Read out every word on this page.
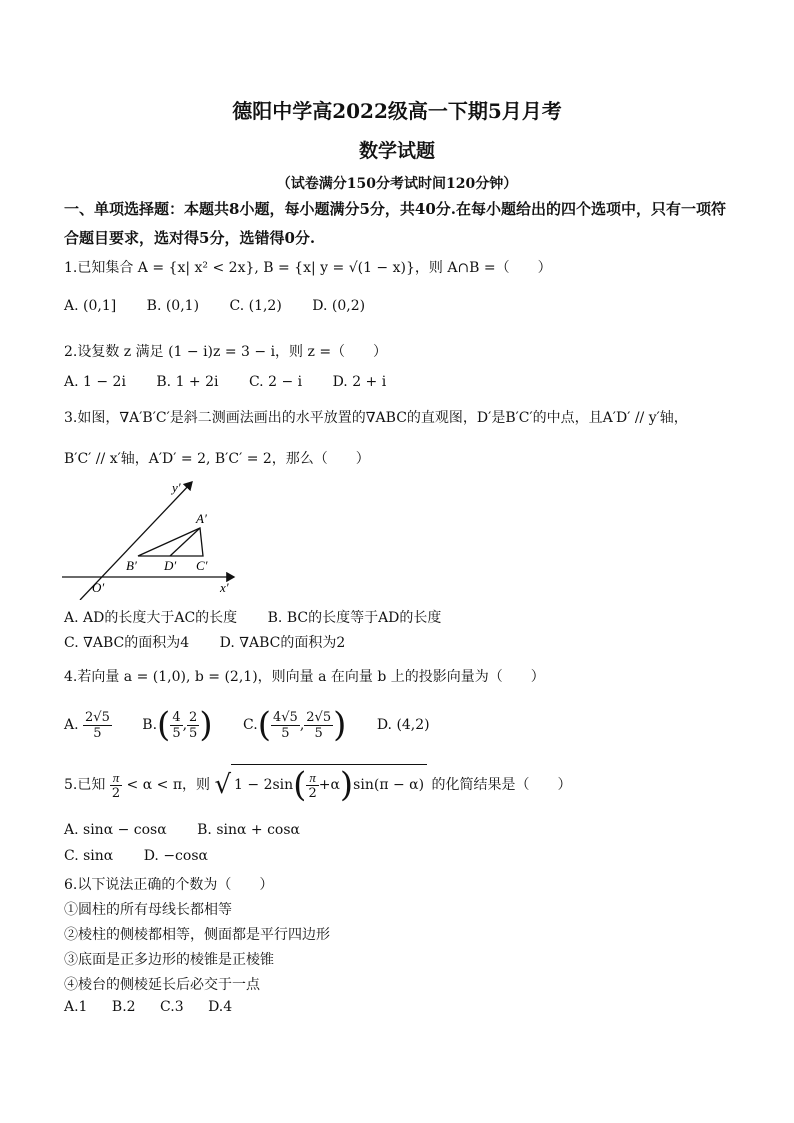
德阳中学高2022级高一下期5月月考
数学试题
（试卷满分150分考试时间120分钟）
一、单项选择题：本题共8小题，每小题满分5分，共40分.在每小题给出的四个选项中，只有一项符合题目要求，选对得5分，选错得0分.
1.已知集合 A = {x| x² < 2x}, B = {x| y = √(1 − x)}，则 A∩B =（　　）
A. (0,1] B. (0,1) C. (1,2) D. (0,2)
2.设复数 z 满足 (1 − i)z = 3 − i，则 z =（　　）
A. 1 − 2i B. 1 + 2i C. 2 − i D. 2 + i
3.如图，∇A′B′C′是斜二测画法画出的水平放置的∇ABC的直观图，D′是B′C′的中点，且A′D′ // y′轴，
B′C′ // x′轴，A′D′ = 2, B′C′ = 2，那么（　　）
y′
x′
O′
A′
B′ D′ C′
A. AD的长度大于AC的长度 B. BC的长度等于AD的长度
C. ∇ABC的面积为4 D. ∇ABC的面积为2
4.若向量 a = (1,0), b = (2,1)，则向量 a 在向量 b 上的投影向量为（　　）
A. $\frac{2√5}{5} B.( \frac{4}{5}$ , $\frac{2}{5}$ ) $C.( \frac{4√5}{5}$ , $\frac{2√5}{5}$ ) D. (4,2)
5.已知 $\frac{\pi}{2} < \alpha < \pi$，则 √ $1 - 2\sin( \frac{\pi}{2} +\alpha)\sin(\pi - \alpha)$ 的化简结果是（　　）
A. sinα − cosα B. sinα + cosα
C. sinα D. −cosα
6.以下说法正确的个数为（　　）
①圆柱的所有母线长都相等
②棱柱的侧棱都相等，侧面都是平行四边形
③底面是正多边形的棱锥是正棱锥
④棱台的侧棱延长后必交于一点
A.1 B.2 C.3 D.4
